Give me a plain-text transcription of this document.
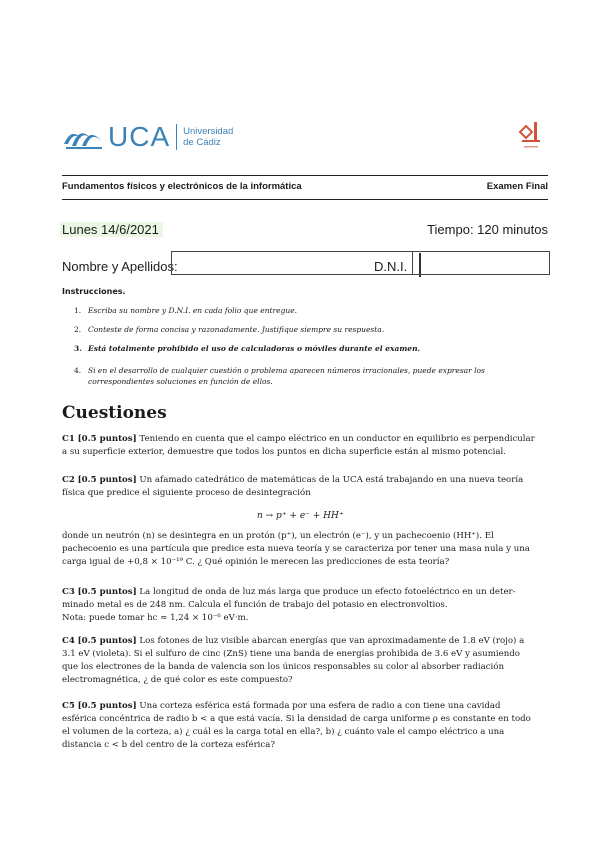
UCA Universidad
de Cádiz
Fundamentos físicos y electrónicos de la informática	Examen Final
Lunes 14/6/2021	Tiempo: 120 minutos
Nombre y Apellidos:	D.N.I.
Instrucciones.
1. Escriba su nombre y D.N.I. en cada folio que entregue.
2. Conteste de forma concisa y razonadamente. Justifique siempre su respuesta.
3. Está totalmente prohibido el uso de calculadoras o móviles durante el examen.
4. Si en el desarrollo de cualquier cuestión o problema aparecen números irracionales, puede expresar los
correspondientes soluciones en función de ellos.
Cuestiones
C1 [0.5 puntos] Teniendo en cuenta que el campo eléctrico en un conductor en equilibrio es perpendicular
a su superficie exterior, demuestre que todos los puntos en dicha superficie están al mismo potencial.
C2 [0.5 puntos] Un afamado catedrático de matemáticas de la UCA está trabajando en una nueva teoría
física que predice el siguiente proceso de desintegración
n → p⁺ + e⁻ + HH⁺
donde un neutrón (n) se desintegra en un protón (p⁺), un electrón (e⁻), y un pachecoenio (HH⁺). El
pachecoenio es una partícula que predice esta nueva teoría y se caracteriza por tener una masa nula y una
carga igual de +0,8 × 10⁻¹⁹ C. ¿ Qué opinión le merecen las predicciones de esta teoría?
C3 [0.5 puntos] La longitud de onda de luz más larga que produce un efecto fotoeléctrico en un deter-
minado metal es de 248 nm. Calcula el función de trabajo del potasio en electronvoltios.
Nota: puede tomar hc ≈ 1,24 × 10⁻⁶ eV·m.
C4 [0.5 puntos] Los fotones de luz visible abarcan energías que van aproximadamente de 1.8 eV (rojo) a
3.1 eV (violeta). Si el sulfuro de cinc (ZnS) tiene una banda de energías prohibida de 3.6 eV y asumiendo
que los electrones de la banda de valencia son los únicos responsables su color al absorber radiación
electromagnética, ¿ de qué color es este compuesto?
C5 [0.5 puntos] Una corteza esférica está formada por una esfera de radio a con tiene una cavidad
esférica concéntrica de radio b < a que está vacía. Si la densidad de carga uniforme ρ es constante en todo
el volumen de la corteza, a) ¿ cuál es la carga total en ella?, b) ¿ cuánto vale el campo eléctrico a una
distancia c < b del centro de la corteza esférica?
